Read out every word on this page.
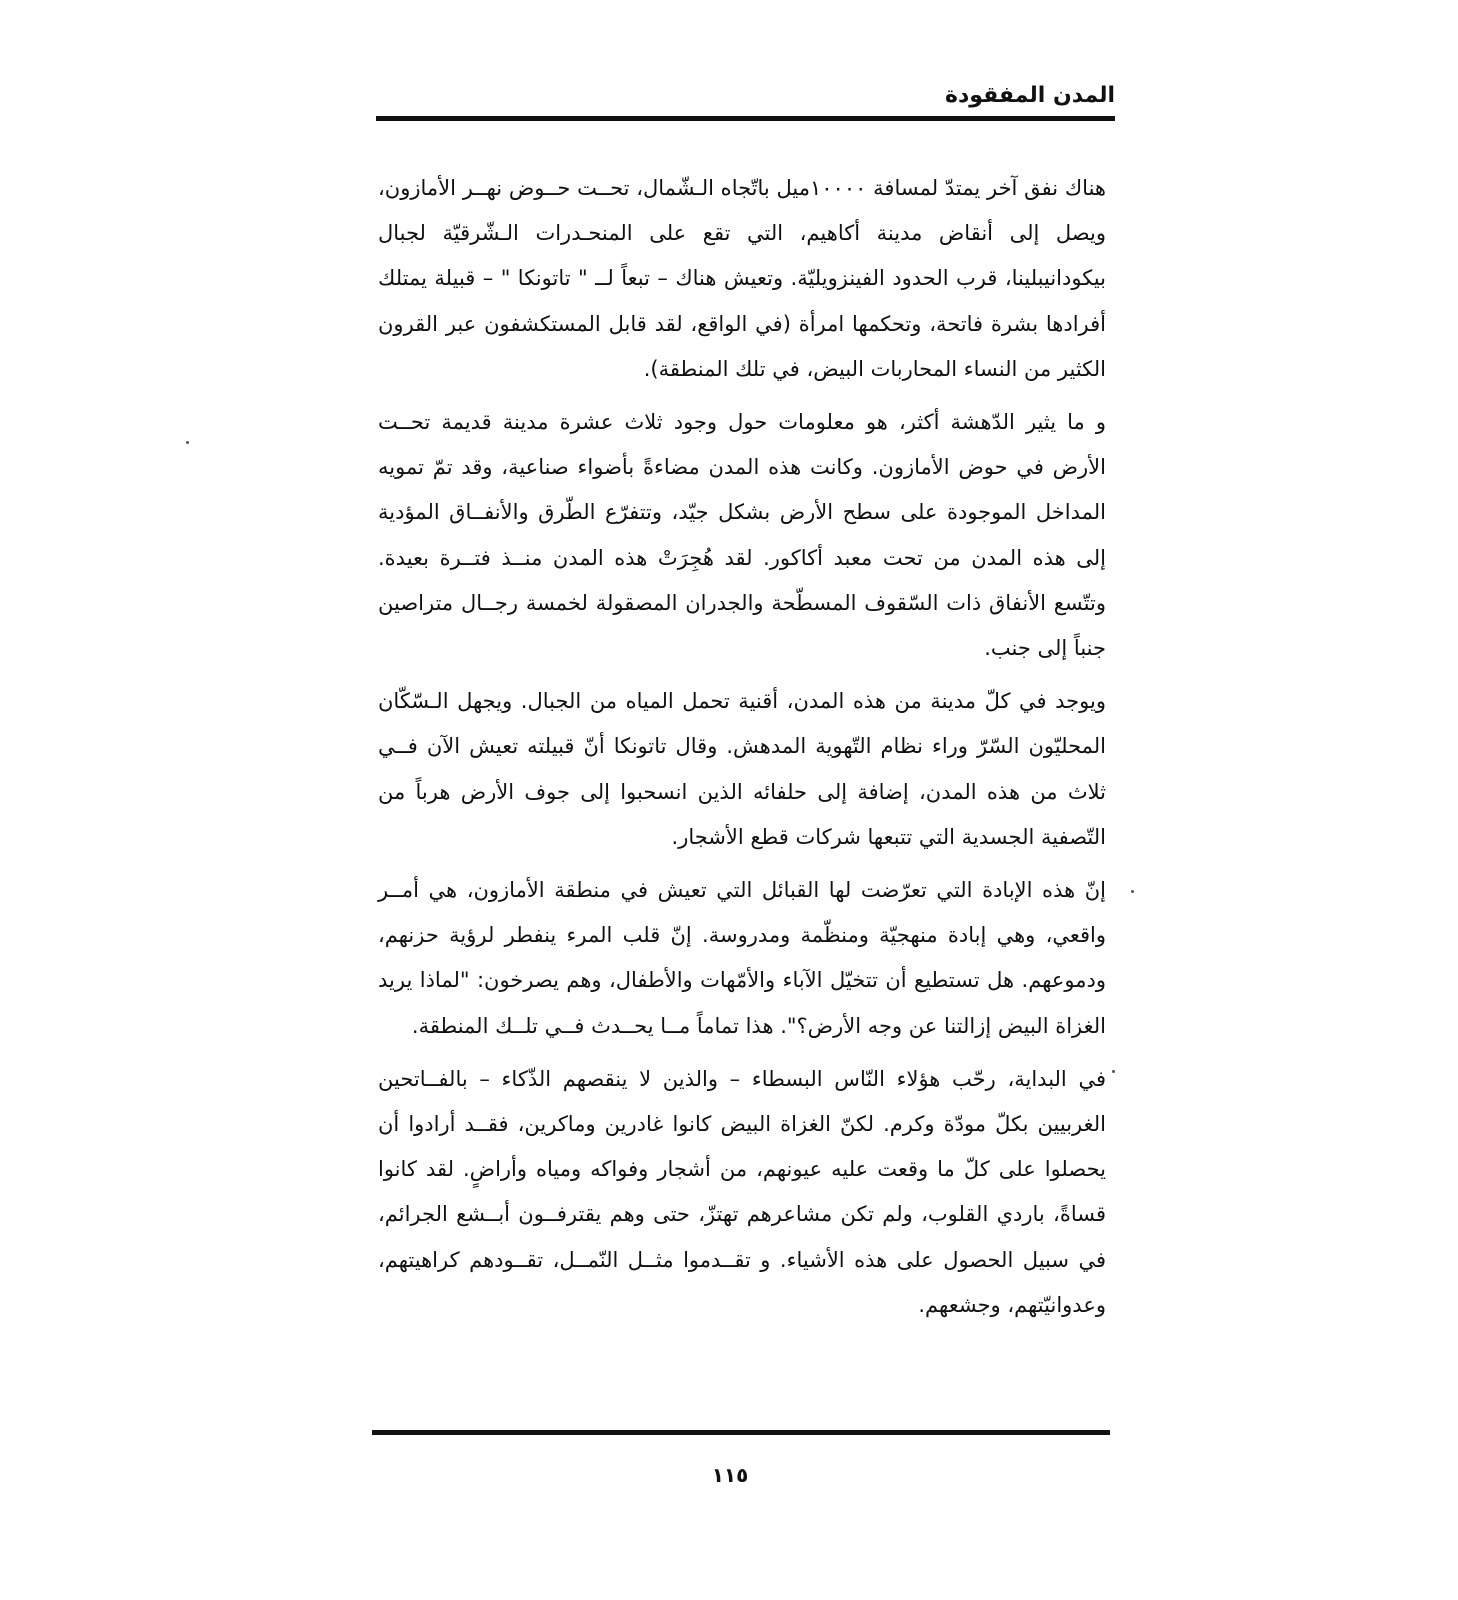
المدن المفقودة

هناك نفق آخر يمتدّ لمسافة ١٠٠٠٠ميل باتّجاه الـشّمال، تحــت حــوض نهــر الأمازون، ويصل إلى أنقاض مدينة أكاهيم، التي تقع على المنحـدرات الـشّرقيّة لجبال بيكودانيبلينا، قرب الحدود الفينزويليّة. وتعيش هناك – تبعاً لــ " تاتونكا " – قبيلة يمتلك أفرادها بشرة فاتحة، وتحكمها امرأة (في الواقع، لقد قابل المستكشفون عبر القرون الكثير من النساء المحاربات البيض، في تلك المنطقة).

و ما يثير الدّهشة أكثر، هو معلومات حول وجود ثلاث عشرة مدينة قديمة تحــت الأرض في حوض الأمازون. وكانت هذه المدن مضاءةً بأضواء صناعية، وقد تمّ تمويه المداخل الموجودة على سطح الأرض بشكل جيّد، وتتفرّع الطّرق والأنفــاق المؤدية إلى هذه المدن من تحت معبد أكاكور. لقد هُجِرَتْ هذه المدن منــذ فتــرة بعيدة. وتتّسع الأنفاق ذات السّقوف المسطّحة والجدران المصقولة لخمسة رجــال متراصين جنباً إلى جنب.

ويوجد في كلّ مدينة من هذه المدن، أقنية تحمل المياه من الجبال. ويجهل الـسّكّان المحليّون السّرّ وراء نظام التّهوية المدهش. وقال تاتونكا أنّ قبيلته تعيش الآن فــي ثلاث من هذه المدن، إضافة إلى حلفائه الذين انسحبوا إلى جوف الأرض هرباً من التّصفية الجسدية التي تتبعها شركات قطع الأشجار.

إنّ هذه الإبادة التي تعرّضت لها القبائل التي تعيش في منطقة الأمازون، هي أمــر واقعي، وهي إبادة منهجيّة ومنظّمة ومدروسة. إنّ قلب المرء ينفطر لرؤية حزنهم، ودموعهم. هل تستطيع أن تتخيّل الآباء والأمّهات والأطفال، وهم يصرخون: "لماذا يريد الغزاة البيض إزالتنا عن وجه الأرض؟". هذا تماماً مــا يحــدث فــي تلــك المنطقة.

في البداية، رحّب هؤلاء النّاس البسطاء – والذين لا ينقصهم الذّكاء – بالفــاتحين الغربيين بكلّ مودّة وكرم. لكنّ الغزاة البيض كانوا غادرين وماكرين، فقــد أرادوا أن يحصلوا على كلّ ما وقعت عليه عيونهم، من أشجار وفواكه ومياه وأراضٍ. لقد كانوا قساةً، باردي القلوب، ولم تكن مشاعرهم تهتزّ، حتى وهم يقترفــون أبــشع الجرائم، في سبيل الحصول على هذه الأشياء. و تقــدموا مثــل النّمــل، تقــودهم كراهيتهم، وعدوانيّتهم، وجشعهم.

١١٥
